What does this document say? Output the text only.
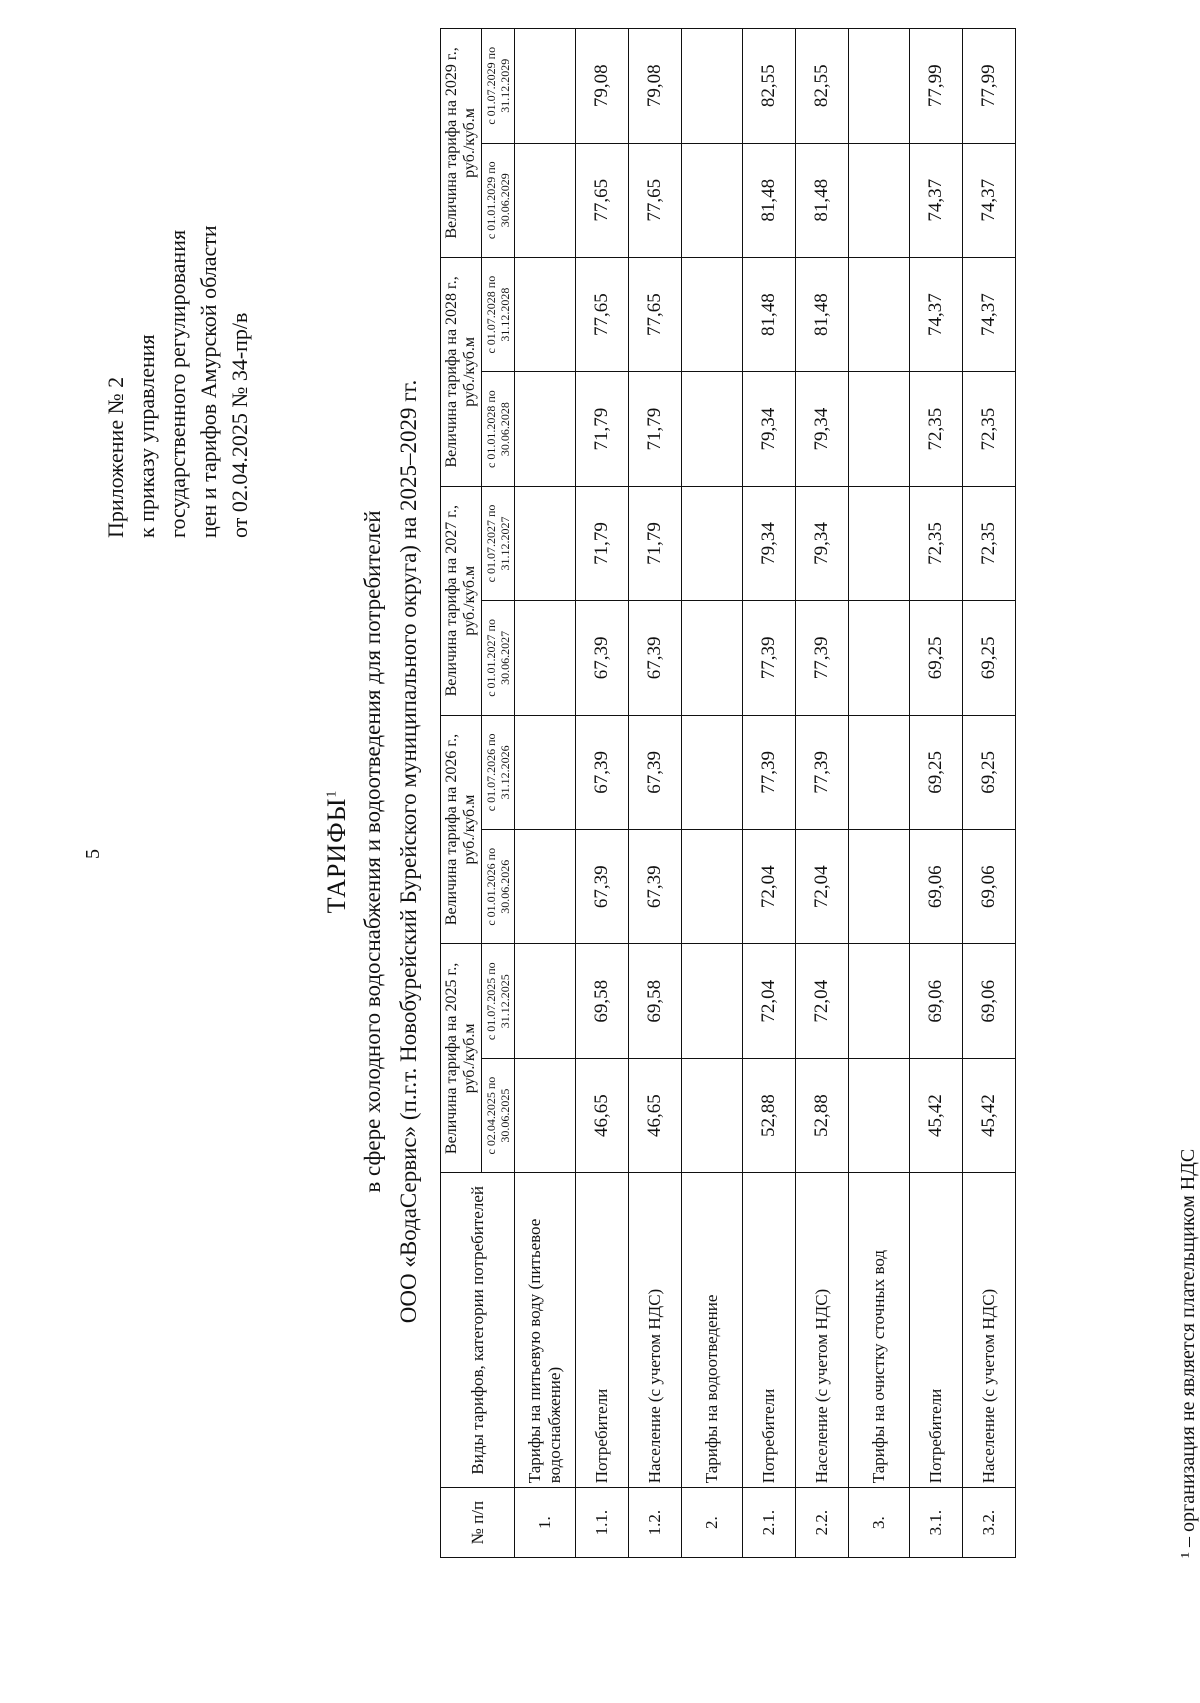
5
Приложение № 2 к приказу управления государственного регулирования цен и тарифов Амурской области от 02.04.2025 № 34-пр/в
ТАРИФЫ$^1$ в сфере холодного водоснабжения и водоотведения для потребителей ООО «ВодаСервис» (п.г.т. Новобурейский Бурейского муниципального округа) на 2025–2029 гг.
№ п/п	Виды тарифов, категории потребителей	Величина тарифа на 2025 г., руб./куб.м		Величина тарифа на 2026 г., руб./куб.м		Величина тарифа на 2027 г., руб./куб.м		Величина тарифа на 2028 г., руб./куб.м		Величина тарифа на 2029 г., руб./куб.м	
		с 02.04.2025 по 30.06.2025	с 01.07.2025 по 31.12.2025	с 01.01.2026 по 30.06.2026	с 01.07.2026 по 31.12.2026	с 01.01.2027 по 30.06.2027	с 01.07.2027 по 31.12.2027	с 01.01.2028 по 30.06.2028	с 01.07.2028 по 31.12.2028	с 01.01.2029 по 30.06.2029	с 01.07.2029 по 31.12.2029
1.	Тарифы на питьевую воду (питьевое водоснабжение)										
1.1.	Потребители	46,65	69,58	67,39	67,39	67,39	71,79	71,79	77,65	77,65	79,08
1.2.	Население (с учетом НДС)	46,65	69,58	67,39	67,39	67,39	71,79	71,79	77,65	77,65	79,08
2.	Тарифы на водоотведение										
2.1.	Потребители	52,88	72,04	72,04	77,39	77,39	79,34	79,34	81,48	81,48	82,55
2.2.	Население (с учетом НДС)	52,88	72,04	72,04	77,39	77,39	79,34	79,34	81,48	81,48	82,55
3.	Тарифы на очистку сточных вод										
3.1.	Потребители	45,42	69,06	69,06	69,25	69,25	72,35	72,35	74,37	74,37	77,99
3.2.	Население (с учетом НДС)	45,42	69,06	69,06	69,25	69,25	72,35	72,35	74,37	74,37	77,99
¹ – организация не является плательщиком НДС
